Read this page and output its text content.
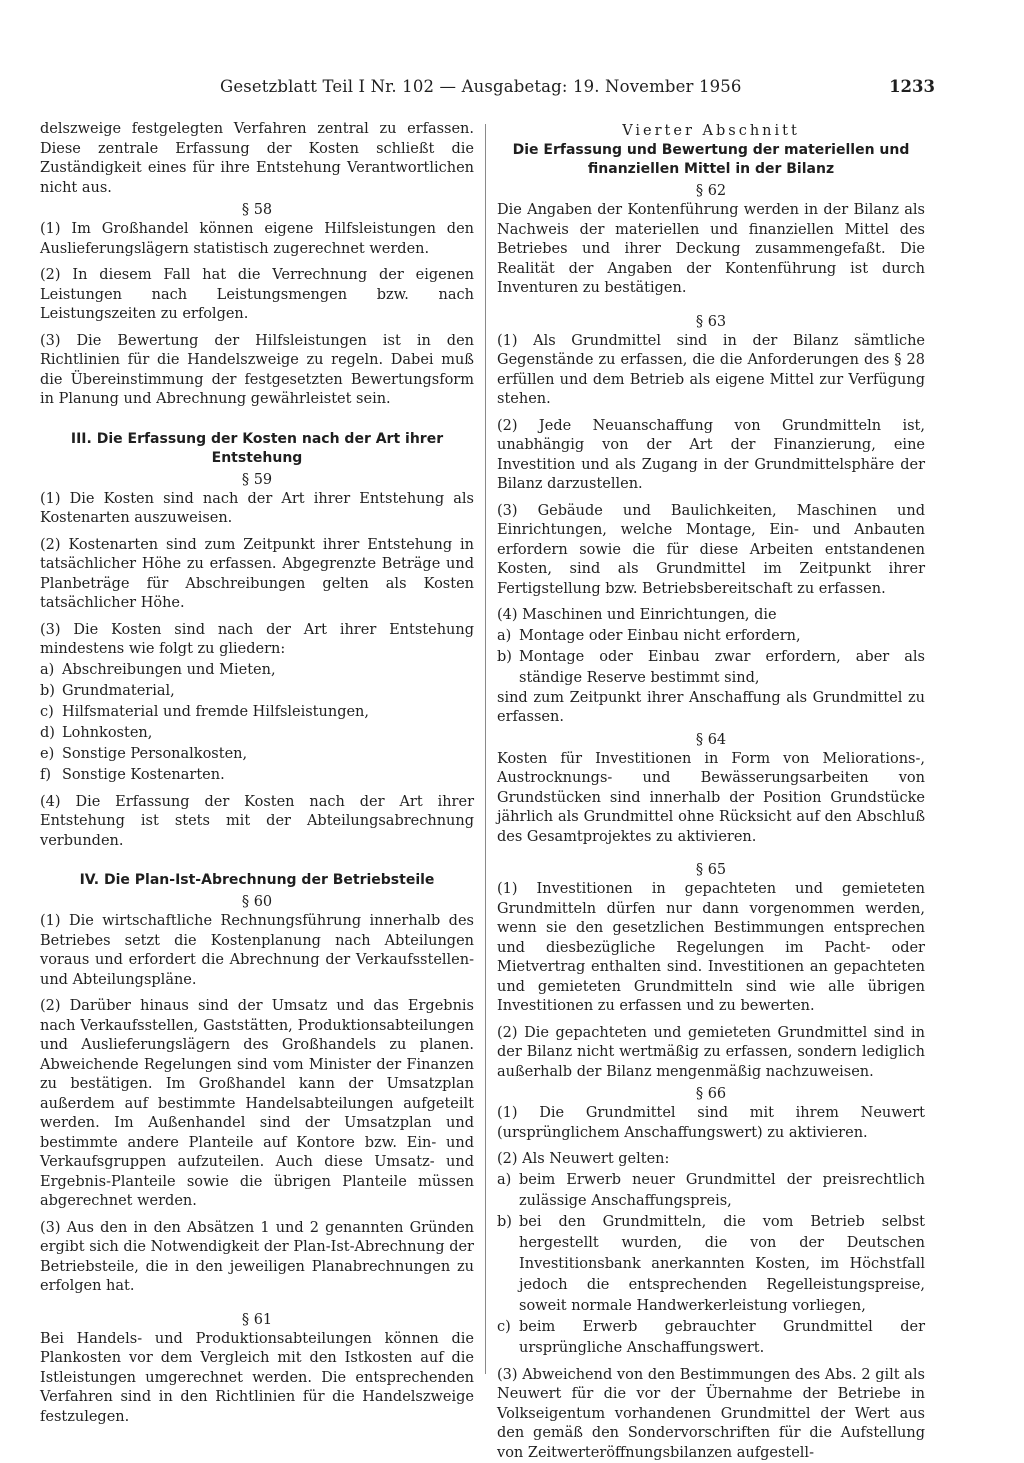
Gesetzblatt Teil I Nr. 102 — Ausgabetag: 19. November 1956	1233

delszweige festgelegten Verfahren zentral zu erfassen. Diese zentrale Erfassung der Kosten schließt die Zuständigkeit eines für ihre Entstehung Verantwortlichen nicht aus.

§ 58

(1) Im Großhandel können eigene Hilfsleistungen den Auslieferungslägern statistisch zugerechnet werden.

(2) In diesem Fall hat die Verrechnung der eigenen Leistungen nach Leistungsmengen bzw. nach Leistungszeiten zu erfolgen.

(3) Die Bewertung der Hilfsleistungen ist in den Richtlinien für die Handelszweige zu regeln. Dabei muß die Übereinstimmung der festgesetzten Bewertungsform in Planung und Abrechnung gewährleistet sein.

III. Die Erfassung der Kosten nach der Art ihrer Entstehung
§ 59

(1) Die Kosten sind nach der Art ihrer Entstehung als Kostenarten auszuweisen.

(2) Kostenarten sind zum Zeitpunkt ihrer Entstehung in tatsächlicher Höhe zu erfassen. Abgegrenzte Beträge und Planbeträge für Abschreibungen gelten als Kosten tatsächlicher Höhe.

(3) Die Kosten sind nach der Art ihrer Entstehung mindestens wie folgt zu gliedern:

a) Abschreibungen und Mieten,
b) Grundmaterial,
c) Hilfsmaterial und fremde Hilfsleistungen,
d) Lohnkosten,
e) Sonstige Personalkosten,
f) Sonstige Kostenarten.

(4) Die Erfassung der Kosten nach der Art ihrer Entstehung ist stets mit der Abteilungsabrechnung verbunden.

IV. Die Plan-Ist-Abrechnung der Betriebsteile
§ 60

(1) Die wirtschaftliche Rechnungsführung innerhalb des Betriebes setzt die Kostenplanung nach Abteilungen voraus und erfordert die Abrechnung der Verkaufsstellen- und Abteilungspläne.

(2) Darüber hinaus sind der Umsatz und das Ergebnis nach Verkaufsstellen, Gaststätten, Produktionsabteilungen und Auslieferungslägern des Großhandels zu planen. Abweichende Regelungen sind vom Minister der Finanzen zu bestätigen. Im Großhandel kann der Umsatzplan außerdem auf bestimmte Handelsabteilungen aufgeteilt werden. Im Außenhandel sind der Umsatzplan und bestimmte andere Planteile auf Kontore bzw. Ein- und Verkaufsgruppen aufzuteilen. Auch diese Umsatz- und Ergebnis-Planteile sowie die übrigen Planteile müssen abgerechnet werden.

(3) Aus den in den Absätzen 1 und 2 genannten Gründen ergibt sich die Notwendigkeit der Plan-Ist-Abrechnung der Betriebsteile, die in den jeweiligen Planabrechnungen zu erfolgen hat.

§ 61

Bei Handels- und Produktionsabteilungen können die Plankosten vor dem Vergleich mit den Istkosten auf die Istleistungen umgerechnet werden. Die entsprechenden Verfahren sind in den Richtlinien für die Handelszweige festzulegen.

Vierter Abschnitt
Die Erfassung und Bewertung der materiellen und finanziellen Mittel in der Bilanz
§ 62

Die Angaben der Kontenführung werden in der Bilanz als Nachweis der materiellen und finanziellen Mittel des Betriebes und ihrer Deckung zusammengefaßt. Die Realität der Angaben der Kontenführung ist durch Inventuren zu bestätigen.

§ 63

(1) Als Grundmittel sind in der Bilanz sämtliche Gegenstände zu erfassen, die die Anforderungen des § 28 erfüllen und dem Betrieb als eigene Mittel zur Verfügung stehen.

(2) Jede Neuanschaffung von Grundmitteln ist, unabhängig von der Art der Finanzierung, eine Investition und als Zugang in der Grundmittelsphäre der Bilanz darzustellen.

(3) Gebäude und Baulichkeiten, Maschinen und Einrichtungen, welche Montage, Ein- und Anbauten erfordern sowie die für diese Arbeiten entstandenen Kosten, sind als Grundmittel im Zeitpunkt ihrer Fertigstellung bzw. Betriebsbereitschaft zu erfassen.

(4) Maschinen und Einrichtungen, die

a) Montage oder Einbau nicht erfordern,
b) Montage oder Einbau zwar erfordern, aber als ständige Reserve bestimmt sind,

sind zum Zeitpunkt ihrer Anschaffung als Grundmittel zu erfassen.

§ 64

Kosten für Investitionen in Form von Meliorations-, Austrocknungs- und Bewässerungsarbeiten von Grundstücken sind innerhalb der Position Grundstücke jährlich als Grundmittel ohne Rücksicht auf den Abschluß des Gesamtprojektes zu aktivieren.

§ 65

(1) Investitionen in gepachteten und gemieteten Grundmitteln dürfen nur dann vorgenommen werden, wenn sie den gesetzlichen Bestimmungen entsprechen und diesbezügliche Regelungen im Pacht- oder Mietvertrag enthalten sind. Investitionen an gepachteten und gemieteten Grundmitteln sind wie alle übrigen Investitionen zu erfassen und zu bewerten.

(2) Die gepachteten und gemieteten Grundmittel sind in der Bilanz nicht wertmäßig zu erfassen, sondern lediglich außerhalb der Bilanz mengenmäßig nachzuweisen.

§ 66

(1) Die Grundmittel sind mit ihrem Neuwert (ursprünglichem Anschaffungswert) zu aktivieren.

(2) Als Neuwert gelten:

a) beim Erwerb neuer Grundmittel der preisrechtlich zulässige Anschaffungspreis,
b) bei den Grundmitteln, die vom Betrieb selbst hergestellt wurden, die von der Deutschen Investitionsbank anerkannten Kosten, im Höchstfall jedoch die entsprechenden Regelleistungspreise, soweit normale Handwerkerleistung vorliegen,
c) beim Erwerb gebrauchter Grundmittel der ursprüngliche Anschaffungswert.

(3) Abweichend von den Bestimmungen des Abs. 2 gilt als Neuwert für die vor der Übernahme der Betriebe in Volkseigentum vorhandenen Grundmittel der Wert aus den gemäß den Sondervorschriften für die Aufstellung von Zeitwerteröffnungsbilanzen aufgestell-
